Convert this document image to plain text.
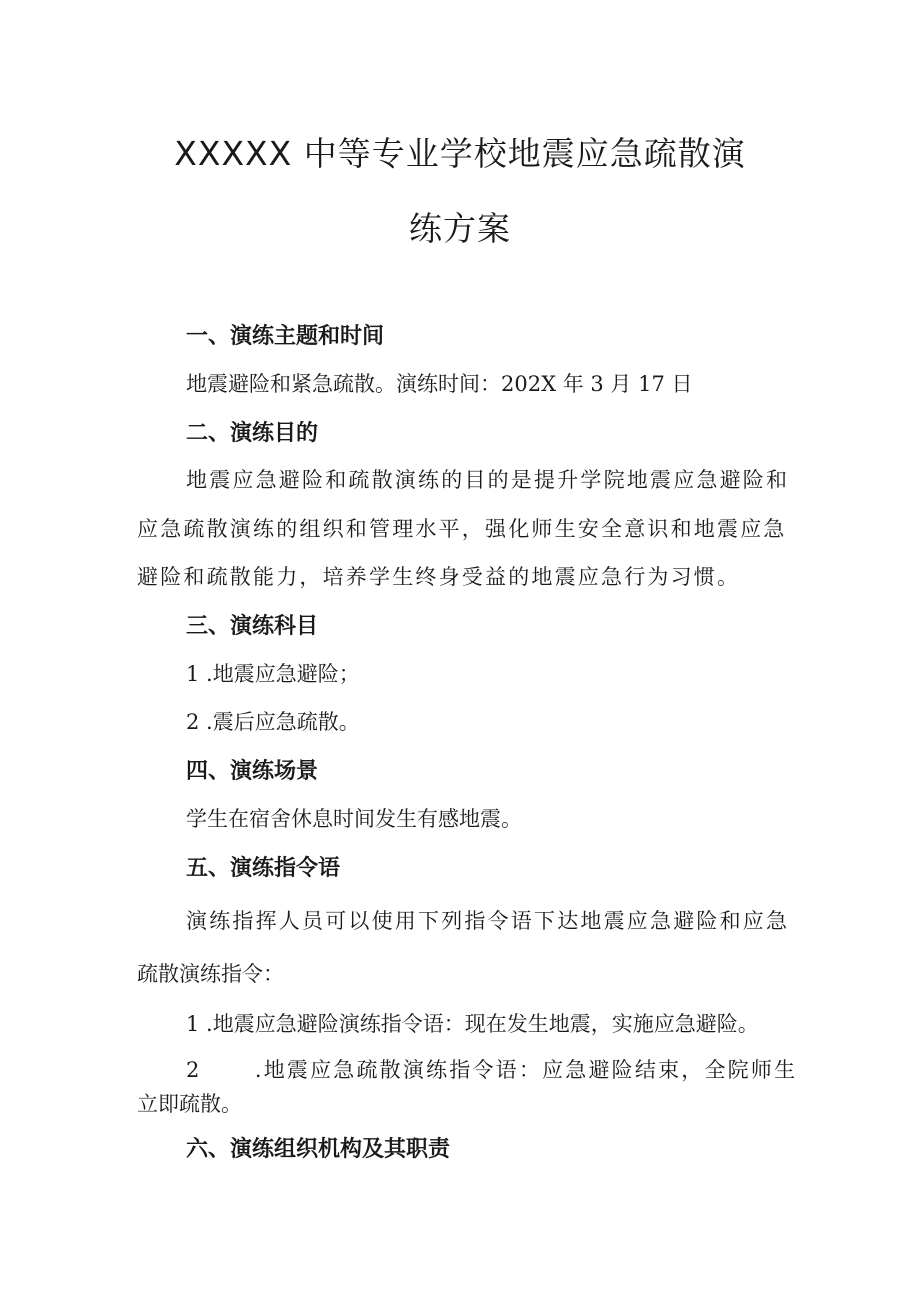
XXXXX 中等专业学校地震应急疏散演
练方案
一、演练主题和时间
地震避险和紧急疏散。演练时间：202X 年 3 月 17 日
二、演练目的
地震应急避险和疏散演练的目的是提升学院地震应急避险和
应急疏散演练的组织和管理水平，强化师生安全意识和地震应急
避险和疏散能力，培养学生终身受益的地震应急行为习惯。
三、演练科目
1 .地震应急避险；
2 .震后应急疏散。
四、演练场景
学生在宿舍休息时间发生有感地震。
五、演练指令语
演练指挥人员可以使用下列指令语下达地震应急避险和应急
疏散演练指令：
1 .地震应急避险演练指令语：现在发生地震，实施应急避险。
2      .地震应急疏散演练指令语：应急避险结束，全院师生
立即疏散。
六、演练组织机构及其职责
